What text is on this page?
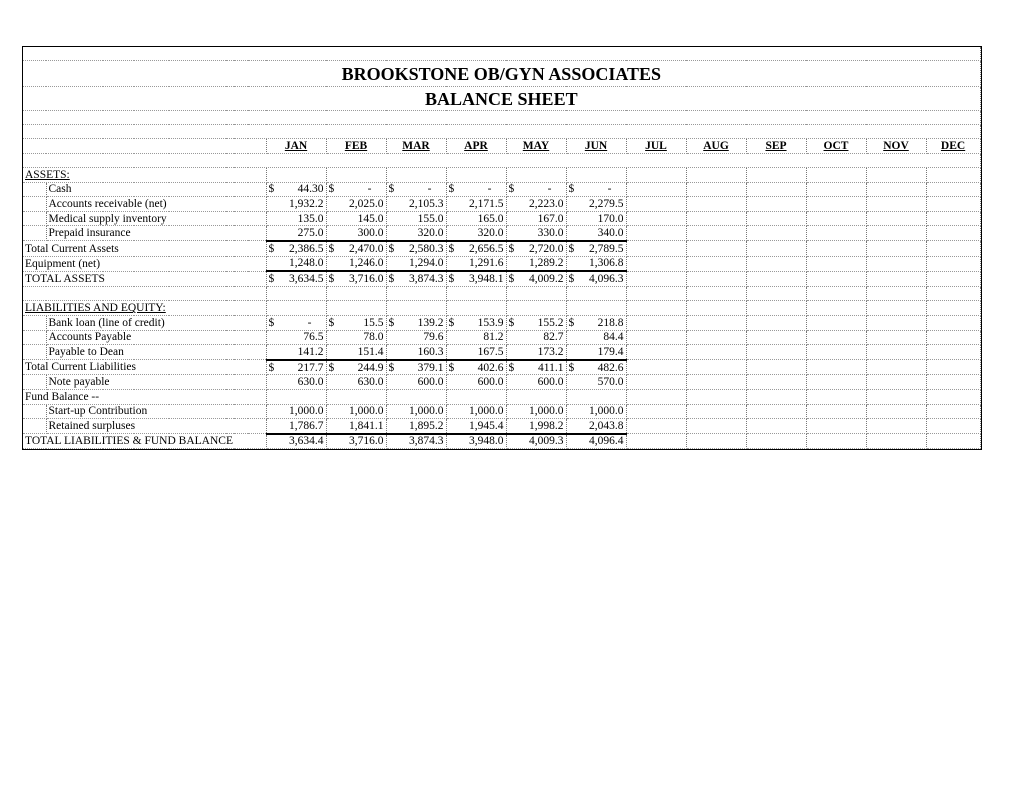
BROOKSTONE OB/GYN ASSOCIATES													
BALANCE SHEET													

		JAN	FEB	MAR	APR	MAY	JUN	JUL	AUG	SEP	OCT	NOV	DEC

ASSETS:													
	Cash	$ 44.30	$ -	$ -	$ -	$ -	$ -						

	Accounts receivable (net)	1,932.2	2,025.0	2,105.3	2,171.5	2,223.0	2,279.5						

	Medical supply inventory	135.0	145.0	155.0	165.0	167.0	170.0						

	Prepaid insurance	275.0	300.0	320.0	320.0	330.0	340.0						

Total Current Assets		$ 2,386.5	$ 2,470.0	$ 2,580.3	$ 2,656.5	$ 2,720.0	$ 2,789.5						

Equipment (net)		1,248.0	1,246.0	1,294.0	1,291.6	1,289.2	1,306.8						

TOTAL ASSETS		$ 3,634.5	$ 3,716.0	$ 3,874.3	$ 3,948.1	$ 4,009.2	$ 4,096.3						

LIABILITIES AND EQUITY:													
	Bank loan (line of credit)	$ -	$ 15.5	$ 139.2	$ 153.9	$ 155.2	$ 218.8						

	Accounts Payable	76.5	78.0	79.6	81.2	82.7	84.4						

	Payable to Dean	141.2	151.4	160.3	167.5	173.2	179.4						

Total Current Liabilities		$ 217.7	$ 244.9	$ 379.1	$ 402.6	$ 411.1	$ 482.6						

	Note payable	630.0	630.0	600.0	600.0	600.0	570.0						

Fund Balance --													
	Start-up Contribution	1,000.0	1,000.0	1,000.0	1,000.0	1,000.0	1,000.0						

	Retained surpluses	1,786.7	1,841.1	1,895.2	1,945.4	1,998.2	2,043.8						

TOTAL LIABILITIES & FUND BALANCE		3,634.4	3,716.0	3,874.3	3,948.0	4,009.3	4,096.4						
